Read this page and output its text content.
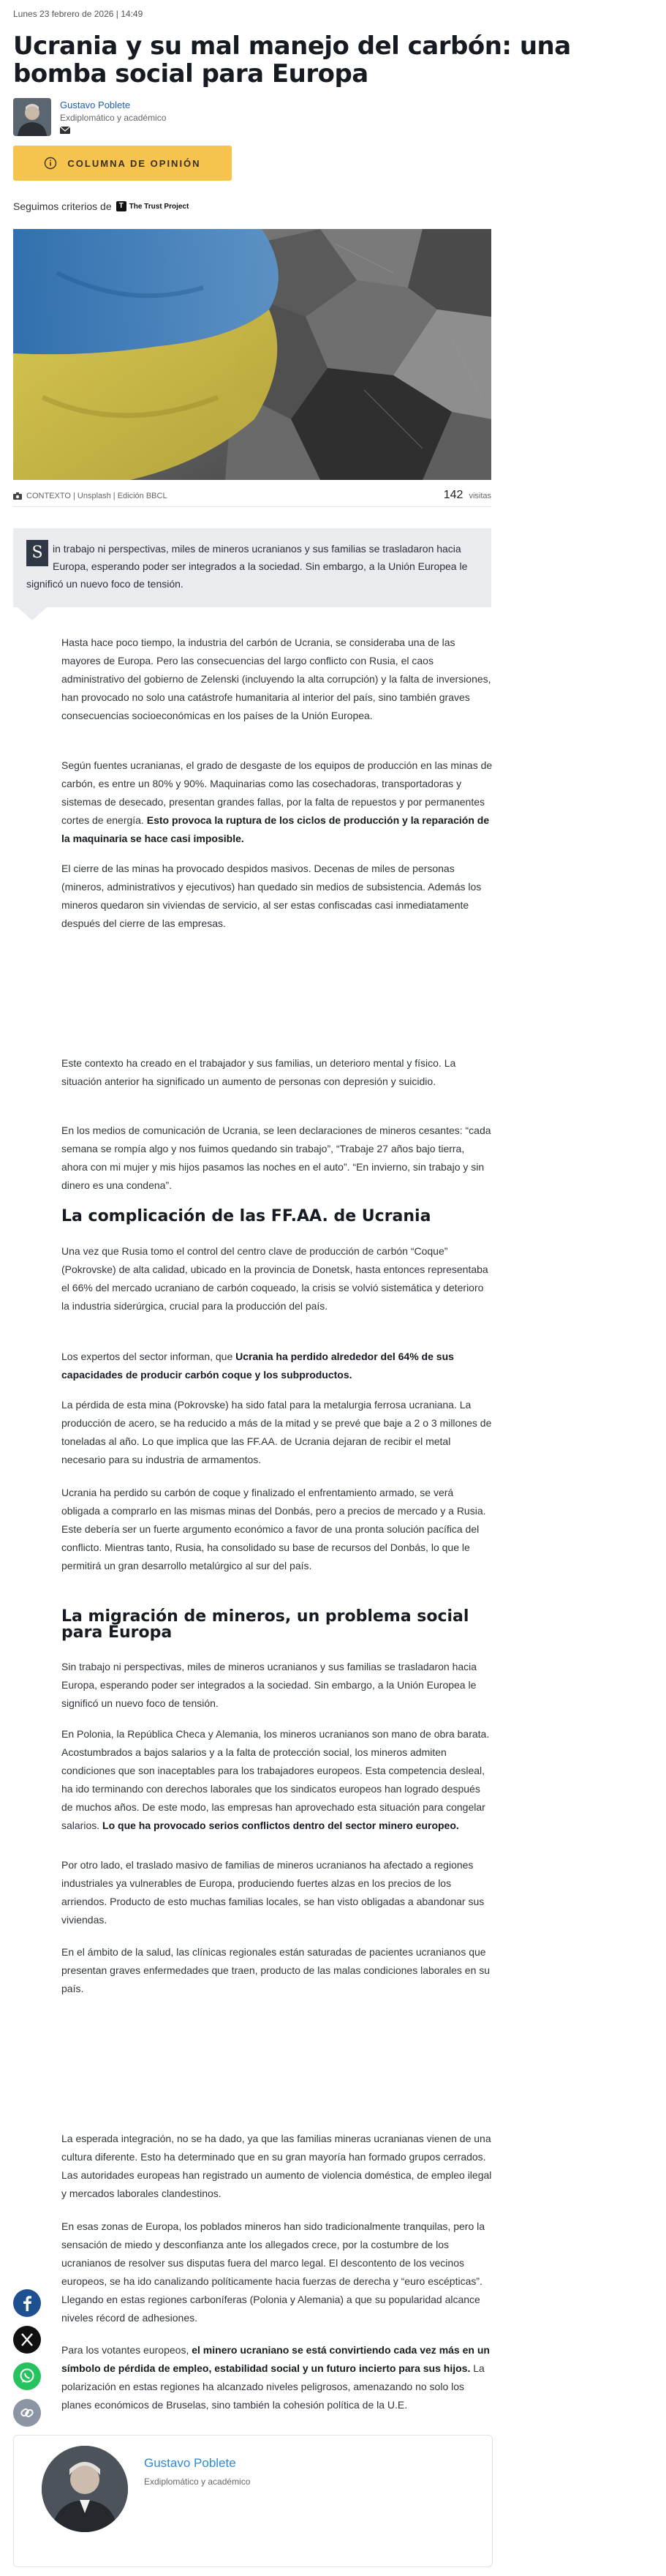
Lunes 23 febrero de 2026 | 14:49
Ucrania y su mal manejo del carbón: una bomba social para Europa
Gustavo Poblete
Exdiplomático y académico
COLUMNA DE OPINIÓN
Seguimos criterios de T The Trust Project
CONTEXTO | Unsplash | Edición BBCL	142 visitas

S in trabajo ni perspectivas, miles de mineros ucranianos y sus familias se trasladaron hacia Europa, esperando poder ser integrados a la sociedad. Sin embargo, a la Unión Europea le significó un nuevo foco de tensión.

Hasta hace poco tiempo, la industria del carbón de Ucrania, se consideraba una de las mayores de Europa. Pero las consecuencias del largo conflicto con Rusia, el caos administrativo del gobierno de Zelenski (incluyendo la alta corrupción) y la falta de inversiones, han provocado no solo una catástrofe humanitaria al interior del país, sino también graves consecuencias socioeconómicas en los países de la Unión Europea.

Según fuentes ucranianas, el grado de desgaste de los equipos de producción en las minas de carbón, es entre un 80% y 90%. Maquinarias como las cosechadoras, transportadoras y sistemas de desecado, presentan grandes fallas, por la falta de repuestos y por permanentes cortes de energía. Esto provoca la ruptura de los ciclos de producción y la reparación de la maquinaria se hace casi imposible.

El cierre de las minas ha provocado despidos masivos. Decenas de miles de personas (mineros, administrativos y ejecutivos) han quedado sin medios de subsistencia. Además los mineros quedaron sin viviendas de servicio, al ser estas confiscadas casi inmediatamente después del cierre de las empresas.

Este contexto ha creado en el trabajador y sus familias, un deterioro mental y físico. La situación anterior ha significado un aumento de personas con depresión y suicidio.

En los medios de comunicación de Ucrania, se leen declaraciones de mineros cesantes: “cada semana se rompía algo y nos fuimos quedando sin trabajo”, “Trabaje 27 años bajo tierra, ahora con mi mujer y mis hijos pasamos las noches en el auto”. “En invierno, sin trabajo y sin dinero es una condena”.

La complicación de las FF.AA. de Ucrania

Una vez que Rusia tomo el control del centro clave de producción de carbón “Coque” (Pokrovske) de alta calidad, ubicado en la provincia de Donetsk, hasta entonces representaba el 66% del mercado ucraniano de carbón coqueado, la crisis se volvió sistemática y deterioro la industria siderúrgica, crucial para la producción del país.

Los expertos del sector informan, que Ucrania ha perdido alrededor del 64% de sus capacidades de producir carbón coque y los subproductos.

La pérdida de esta mina (Pokrovske) ha sido fatal para la metalurgia ferrosa ucraniana. La producción de acero, se ha reducido a más de la mitad y se prevé que baje a 2 o 3 millones de toneladas al año. Lo que implica que las FF.AA. de Ucrania dejaran de recibir el metal necesario para su industria de armamentos.

Ucrania ha perdido su carbón de coque y finalizado el enfrentamiento armado, se verá obligada a comprarlo en las mismas minas del Donbás, pero a precios de mercado y a Rusia. Este debería ser un fuerte argumento económico a favor de una pronta solución pacífica del conflicto. Mientras tanto, Rusia, ha consolidado su base de recursos del Donbás, lo que le permitirá un gran desarrollo metalúrgico al sur del país.

La migración de mineros, un problema social para Europa

Sin trabajo ni perspectivas, miles de mineros ucranianos y sus familias se trasladaron hacia Europa, esperando poder ser integrados a la sociedad. Sin embargo, a la Unión Europea le significó un nuevo foco de tensión.

En Polonia, la República Checa y Alemania, los mineros ucranianos son mano de obra barata. Acostumbrados a bajos salarios y a la falta de protección social, los mineros admiten condiciones que son inaceptables para los trabajadores europeos. Esta competencia desleal, ha ido terminando con derechos laborales que los sindicatos europeos han logrado después de muchos años. De este modo, las empresas han aprovechado esta situación para congelar salarios. Lo que ha provocado serios conflictos dentro del sector minero europeo.

Por otro lado, el traslado masivo de familias de mineros ucranianos ha afectado a regiones industriales ya vulnerables de Europa, produciendo fuertes alzas en los precios de los arriendos. Producto de esto muchas familias locales, se han visto obligadas a abandonar sus viviendas.

En el ámbito de la salud, las clínicas regionales están saturadas de pacientes ucranianos que presentan graves enfermedades que traen, producto de las malas condiciones laborales en su país.

La esperada integración, no se ha dado, ya que las familias mineras ucranianas vienen de una cultura diferente. Esto ha determinado que en su gran mayoría han formado grupos cerrados. Las autoridades europeas han registrado un aumento de violencia doméstica, de empleo ilegal y mercados laborales clandestinos.

En esas zonas de Europa, los poblados mineros han sido tradicionalmente tranquilas, pero la sensación de miedo y desconfianza ante los allegados crece, por la costumbre de los ucranianos de resolver sus disputas fuera del marco legal. El descontento de los vecinos europeos, se ha ido canalizando políticamente hacia fuerzas de derecha y “euro escépticas”. Llegando en estas regiones carboníferas (Polonia y Alemania) a que su popularidad alcance niveles récord de adhesiones.

Para los votantes europeos, el minero ucraniano se está convirtiendo cada vez más en un símbolo de pérdida de empleo, estabilidad social y un futuro incierto para sus hijos. La polarización en estas regiones ha alcanzado niveles peligrosos, amenazando no solo los planes económicos de Bruselas, sino también la cohesión política de la U.E.

Gustavo Poblete
Exdiplomático y académico
